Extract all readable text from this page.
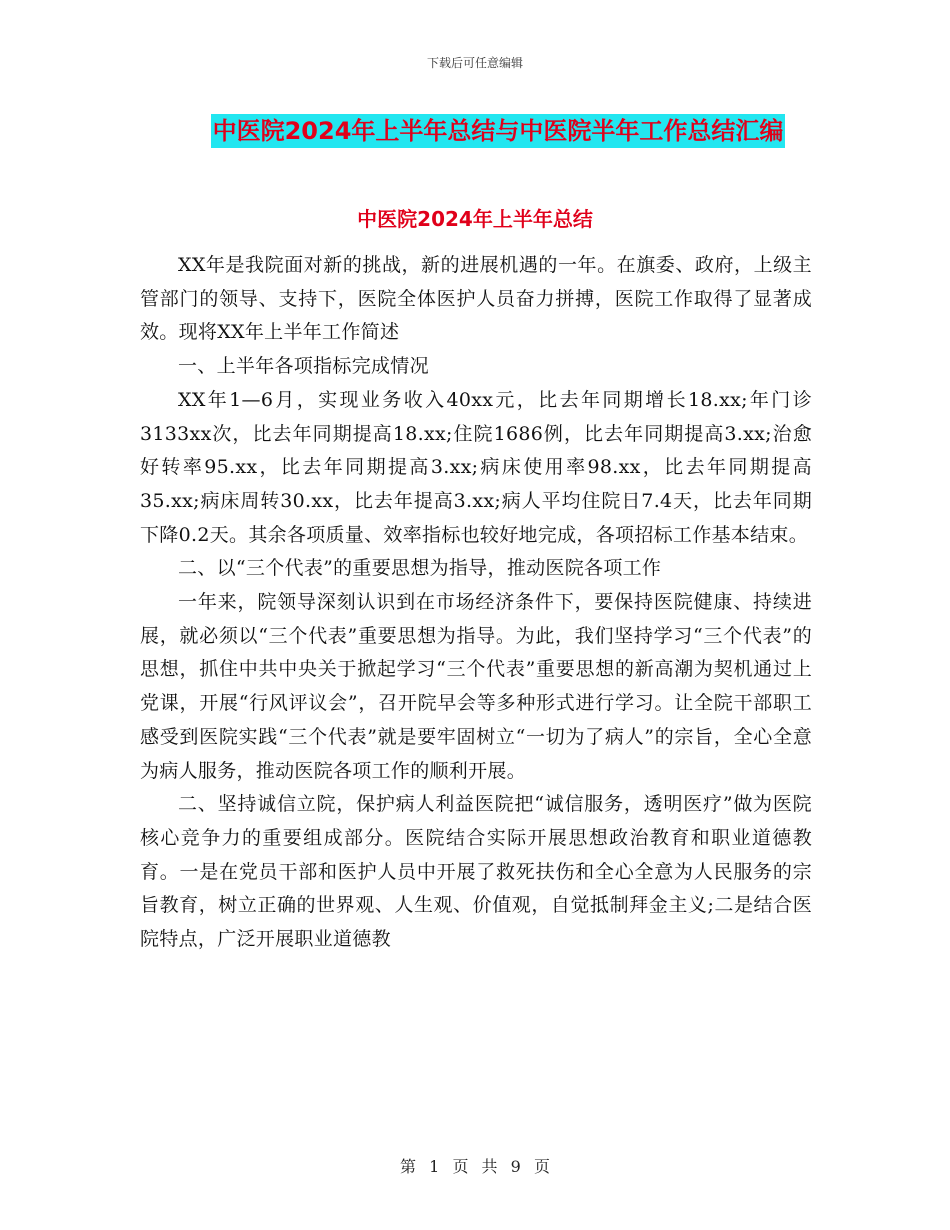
下载后可任意编辑
中医院2024年上半年总结与中医院半年工作总结汇编
中医院2024年上半年总结

XX年是我院面对新的挑战，新的进展机遇的一年。在旗委、政府，上级主管部门的领导、支持下，医院全体医护人员奋力拼搏，医院工作取得了显著成效。现将XX年上半年工作简述

一、上半年各项指标完成情况

XX年1—6月，实现业务收入40xx元，比去年同期增长18.xx;年门诊3133xx次，比去年同期提高18.xx;住院1686例，比去年同期提高3.xx;治愈好转率95.xx，比去年同期提高3.xx;病床使用率98.xx，比去年同期提高35.xx;病床周转30.xx，比去年提高3.xx;病人平均住院日7.4天，比去年同期下降0.2天。其余各项质量、效率指标也较好地完成，各项招标工作基本结束。

二、以“三个代表”的重要思想为指导，推动医院各项工作

一年来，院领导深刻认识到在市场经济条件下，要保持医院健康、持续进展，就必须以“三个代表”重要思想为指导。为此，我们坚持学习“三个代表”的思想，抓住中共中央关于掀起学习“三个代表”重要思想的新高潮为契机通过上党课，开展“行风评议会”，召开院早会等多种形式进行学习。让全院干部职工感受到医院实践“三个代表”就是要牢固树立“一切为了病人”的宗旨，全心全意为病人服务，推动医院各项工作的顺利开展。

二、坚持诚信立院，保护病人利益医院把“诚信服务，透明医疗”做为医院核心竞争力的重要组成部分。医院结合实际开展思想政治教育和职业道德教育。一是在党员干部和医护人员中开展了救死扶伤和全心全意为人民服务的宗旨教育，树立正确的世界观、人生观、价值观，自觉抵制拜金主义;二是结合医院特点，广泛开展职业道德教

第 1 页 共 9 页
